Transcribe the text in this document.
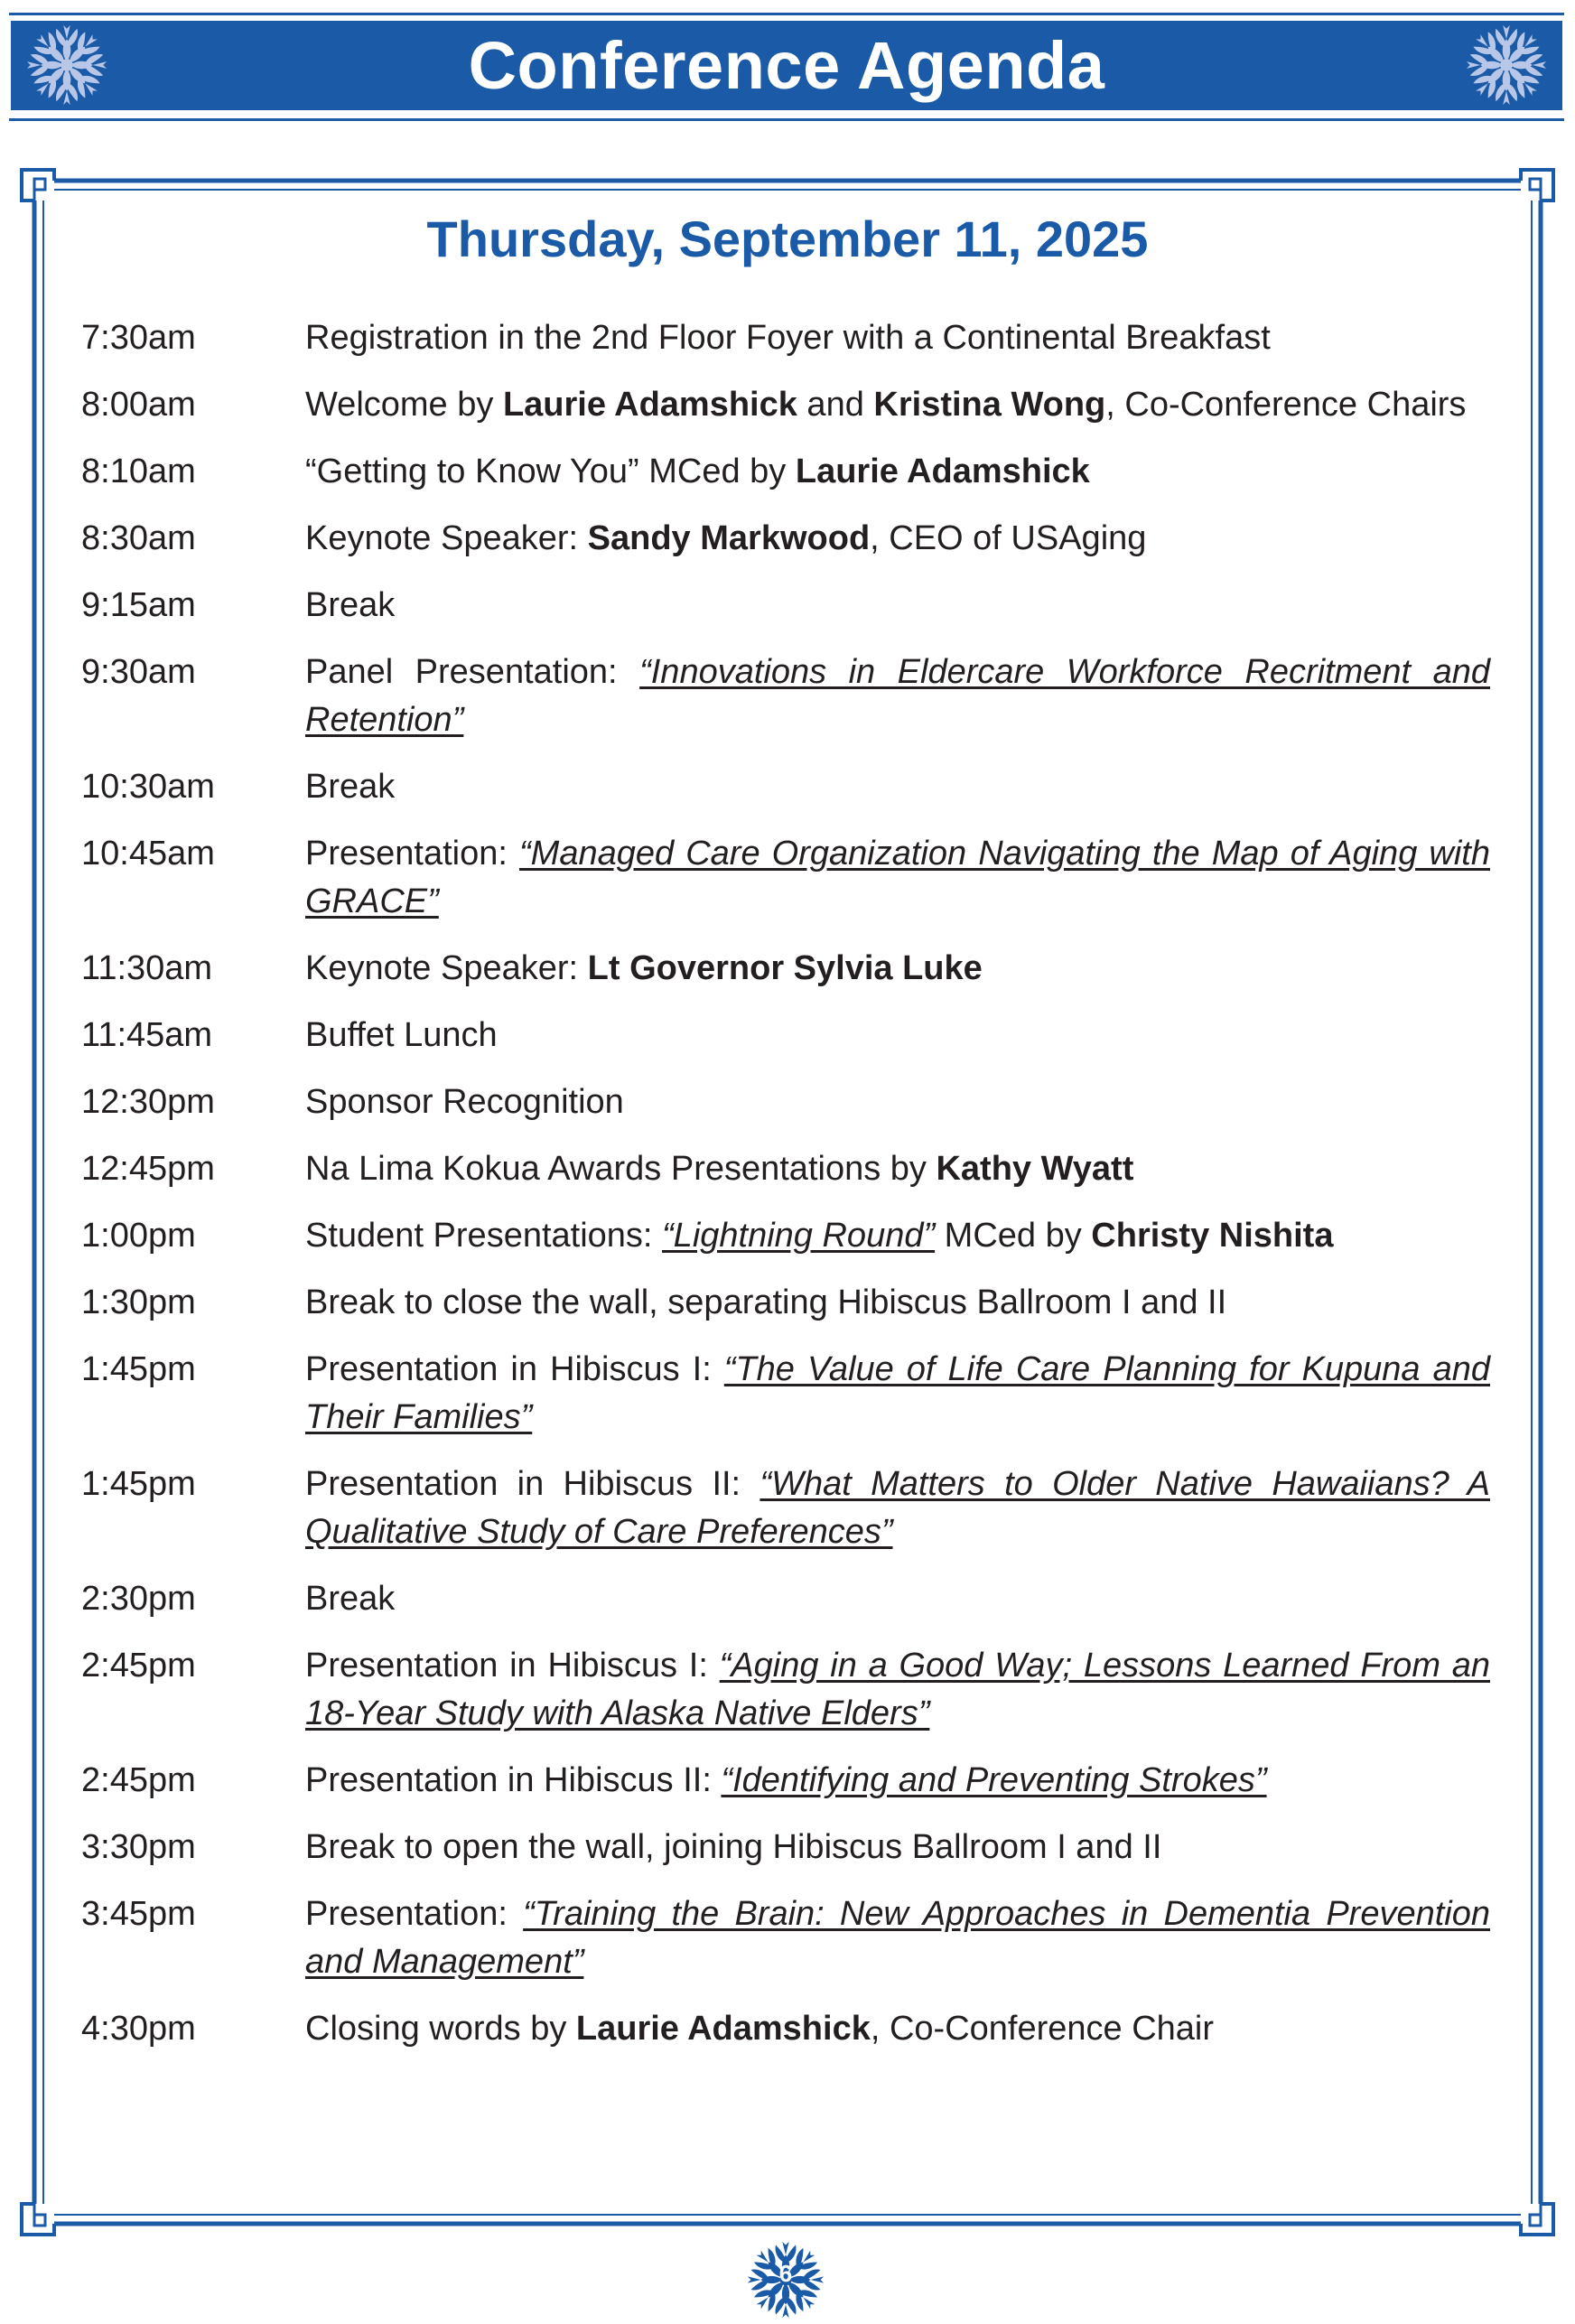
Conference Agenda
Thursday, September 11, 2025
7:30am	Registration in the 2nd Floor Foyer with a Continental Breakfast
8:00am	Welcome by Laurie Adamshick and Kristina Wong, Co-Conference Chairs
8:10am	“Getting to Know You” MCed by Laurie Adamshick
8:30am	Keynote Speaker: Sandy Markwood, CEO of USAging
9:15am	Break
9:30am	Panel Presentation: “Innovations in Eldercare Workforce Recritment and Retention”
10:30am	Break
10:45am	Presentation: “Managed Care Organization Navigating the Map of Aging with GRACE”
11:30am	Keynote Speaker: Lt Governor Sylvia Luke
11:45am	Buffet Lunch
12:30pm	Sponsor Recognition
12:45pm	Na Lima Kokua Awards Presentations by Kathy Wyatt
1:00pm	Student Presentations: “Lightning Round” MCed by Christy Nishita
1:30pm	Break to close the wall, separating Hibiscus Ballroom I and II
1:45pm	Presentation in Hibiscus I: “The Value of Life Care Planning for Kupuna and Their Families”
1:45pm	Presentation in Hibiscus II: “What Matters to Older Native Hawaiians? A Qualitative Study of Care Preferences”
2:30pm	Break
2:45pm	Presentation in Hibiscus I: “Aging in a Good Way; Lessons Learned From an 18-Year Study with Alaska Native Elders”
2:45pm	Presentation in Hibiscus II: “Identifying and Preventing Strokes”
3:30pm	Break to open the wall, joining Hibiscus Ballroom I and II
3:45pm	Presentation: “Training the Brain: New Approaches in Dementia Prevention and Management”
4:30pm	Closing words by Laurie Adamshick, Co-Conference Chair
6
